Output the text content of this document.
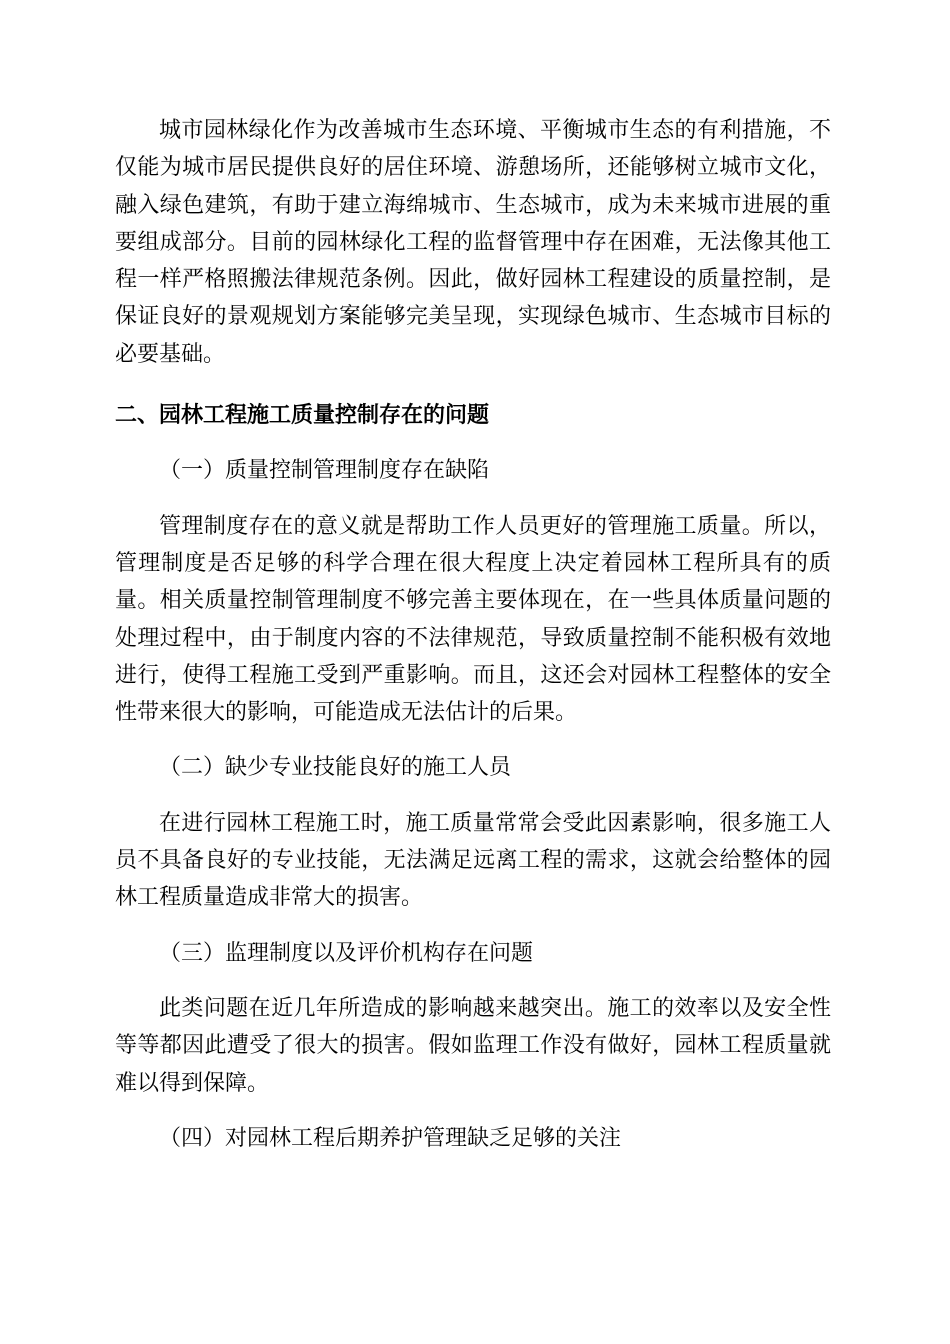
城市园林绿化作为改善城市生态环境、平衡城市生态的有利措施，不仅能为城市居民提供良好的居住环境、游憩场所，还能够树立城市文化，融入绿色建筑，有助于建立海绵城市、生态城市，成为未来城市进展的重要组成部分。目前的园林绿化工程的监督管理中存在困难，无法像其他工程一样严格照搬法律规范条例。因此，做好园林工程建设的质量控制，是保证良好的景观规划方案能够完美呈现，实现绿色城市、生态城市目标的必要基础。

二、园林工程施工质量控制存在的问题

（一）质量控制管理制度存在缺陷

管理制度存在的意义就是帮助工作人员更好的管理施工质量。所以，管理制度是否足够的科学合理在很大程度上决定着园林工程所具有的质量。相关质量控制管理制度不够完善主要体现在，在一些具体质量问题的处理过程中，由于制度内容的不法律规范，导致质量控制不能积极有效地进行，使得工程施工受到严重影响。而且，这还会对园林工程整体的安全性带来很大的影响，可能造成无法估计的后果。

（二）缺少专业技能良好的施工人员

在进行园林工程施工时，施工质量常常会受此因素影响，很多施工人员不具备良好的专业技能，无法满足远离工程的需求，这就会给整体的园林工程质量造成非常大的损害。

（三）监理制度以及评价机构存在问题

此类问题在近几年所造成的影响越来越突出。施工的效率以及安全性等等都因此遭受了很大的损害。假如监理工作没有做好，园林工程质量就难以得到保障。

（四）对园林工程后期养护管理缺乏足够的关注
